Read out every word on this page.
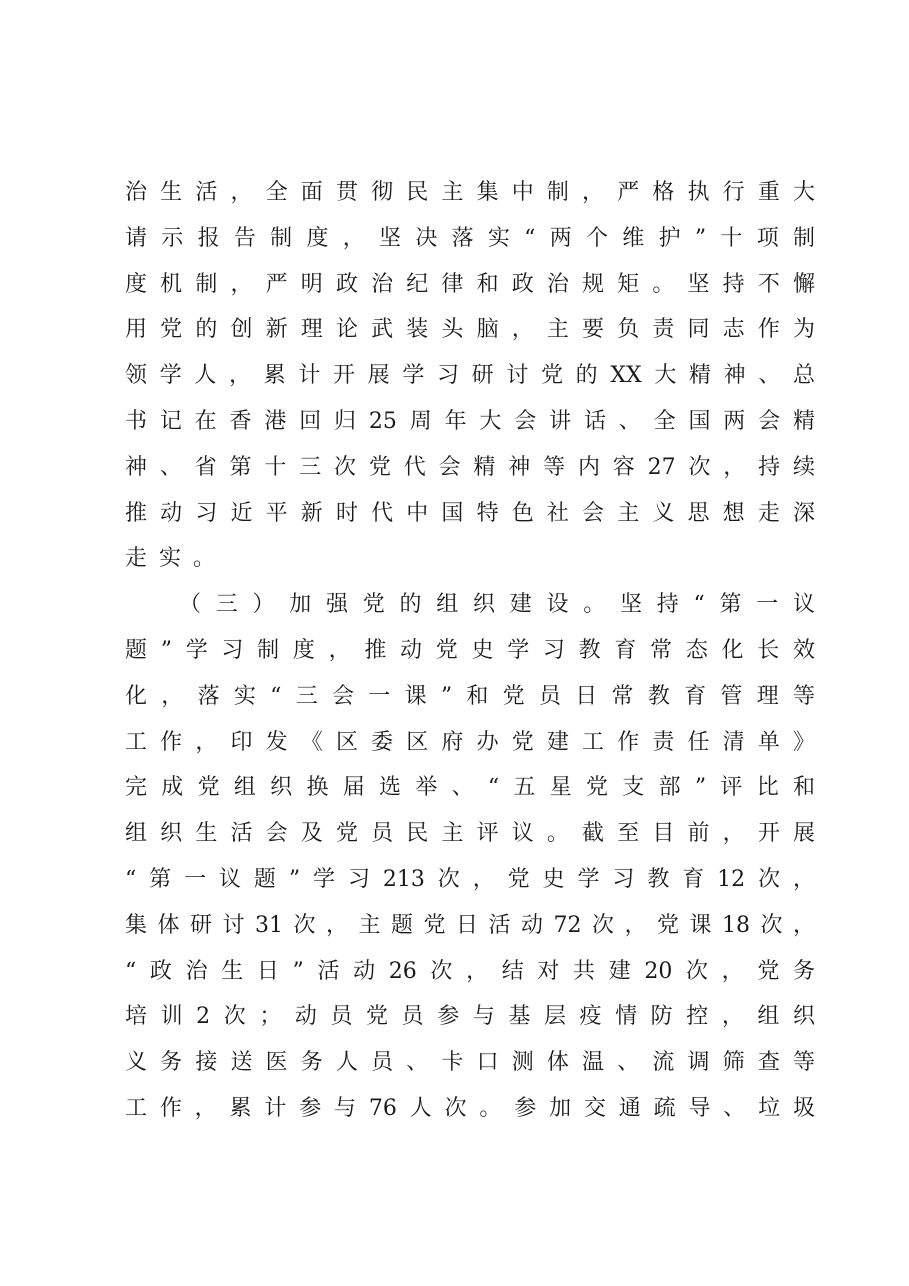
治生活，全面贯彻民主集中制，严格执行重大
请示报告制度，坚决落实“两个维护”十项制
度机制，严明政治纪律和政治规矩。坚持不懈
用党的创新理论武装头脑，主要负责同志作为
领学人，累计开展学习研讨党的XX大精神、总
书记在香港回归25周年大会讲话、全国两会精
神、省第十三次党代会精神等内容27次，持续
推动习近平新时代中国特色社会主义思想走深
走实。
（三）加强党的组织建设。坚持“第一议
题”学习制度，推动党史学习教育常态化长效
化，落实“三会一课”和党员日常教育管理等
工作，印发《区委区府办党建工作责任清单》
完成党组织换届选举、“五星党支部”评比和
组织生活会及党员民主评议。截至目前，开展
“第一议题”学习213次，党史学习教育12次，
集体研讨31次，主题党日活动72次，党课18次，
“政治生日”活动26次，结对共建20次，党务
培训2次；动员党员参与基层疫情防控，组织
义务接送医务人员、卡口测体温、流调筛查等
工作，累计参与76人次。参加交通疏导、垃圾
